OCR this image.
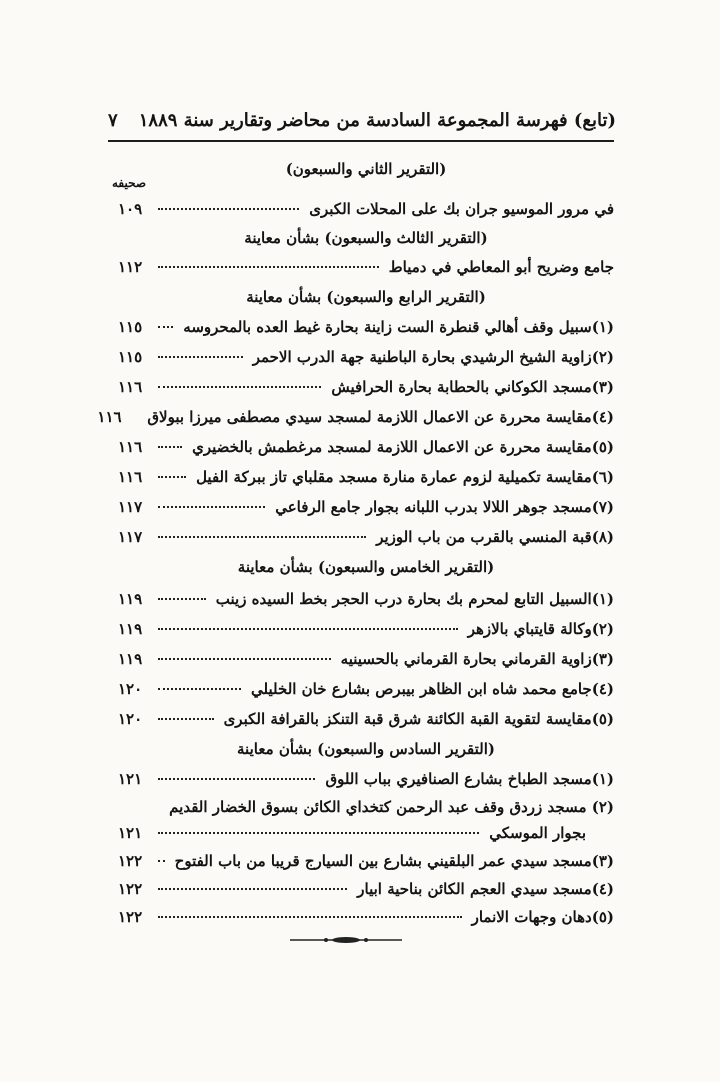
(تابع) فهرسة المجموعة السادسة من محاضر وتقارير سنة ١٨٨٩
٧
صحيفه
(التقرير الثاني والسبعون)
في مرور الموسيو جران بك على المحلات الكبرى
١٠٩
(التقرير الثالث والسبعون) بشأن معاينة
جامع وضريح أبو المعاطي في دمياط
١١٢
(التقرير الرابع والسبعون) بشأن معاينة
(١)
سبيل وقف أهالي قنطرة الست زاينة بحارة غيط العده بالمحروسه
١١٥
(٢)
زاوية الشيخ الرشيدي بحارة الباطنية جهة الدرب الاحمر
١١٥
(٣)
مسجد الكوكاني بالحطابة بحارة الحرافيش
١١٦
(٤)
مقايسة محررة عن الاعمال اللازمة لمسجد سيدي مصطفى ميرزا ببولاق
١١٦
(٥)
مقايسة محررة عن الاعمال اللازمة لمسجد مرغطمش بالخضيري
١١٦
(٦)
مقايسة تكميلية لزوم عمارة منارة مسجد مقلباي تاز ببركة الفيل
١١٦
(٧)
مسجد جوهر اللالا بدرب اللبانه بجوار جامع الرفاعي
١١٧
(٨)
قبة المنسي بالقرب من باب الوزير
١١٧
(التقرير الخامس والسبعون) بشأن معاينة
(١)
السبيل التابع لمحرم بك بحارة درب الحجر بخط السيده زينب
١١٩
(٢)
وكالة قايتباي بالازهر
١١٩
(٣)
زاوية القرماني بحارة القرماني بالحسينيه
١١٩
(٤)
جامع محمد شاه ابن الظاهر بيبرص بشارع خان الخليلي
١٢٠
(٥)
مقايسة لتقوية القبة الكائنة شرق قبة التنكز بالقرافة الكبرى
١٢٠
(التقرير السادس والسبعون) بشأن معاينة
(١)
مسجد الطباخ بشارع الصنافيري بباب اللوق
١٢١
(٢) مسجد زردق وقف عبد الرحمن كتخداي الكائن بسوق الخضار القديم
بجوار الموسكي
١٢١
(٣)
مسجد سيدي عمر البلقيني بشارع بين السيارج قريبا من باب الفتوح
١٢٢
(٤)
مسجد سيدي العجم الكائن بناحية ابيار
١٢٢
(٥)
دهان وجهات الانمار
١٢٢
